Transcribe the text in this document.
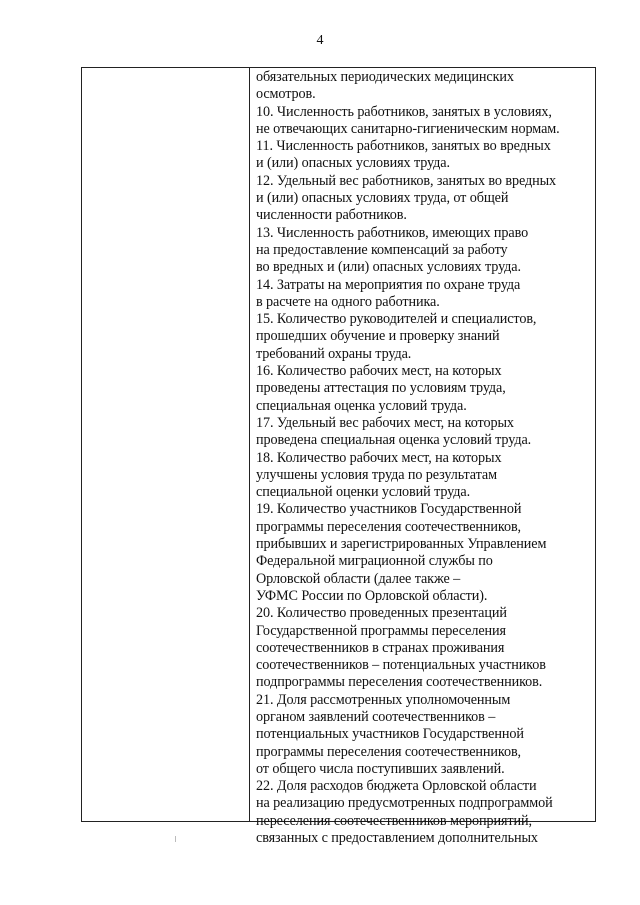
4
обязательных периодических медицинских
осмотров.
10. Численность работников, занятых в условиях,
не отвечающих санитарно-гигиеническим нормам.
11. Численность работников, занятых во вредных
и (или) опасных условиях труда.
12. Удельный вес работников, занятых во вредных
и (или) опасных условиях труда, от общей
численности работников.
13. Численность работников, имеющих право
на предоставление компенсаций за работу
во вредных и (или) опасных условиях труда.
14. Затраты на мероприятия по охране труда
в расчете на одного работника.
15. Количество руководителей и специалистов,
прошедших обучение и проверку знаний
требований охраны труда.
16. Количество рабочих мест, на которых
проведены аттестация по условиям труда,
специальная оценка условий труда.
17. Удельный вес рабочих мест, на которых
проведена специальная оценка условий труда.
18. Количество рабочих мест, на которых
улучшены условия труда по результатам
специальной оценки условий труда.
19. Количество участников Государственной
программы переселения соотечественников,
прибывших и зарегистрированных Управлением
Федеральной миграционной службы по
Орловской области (далее также –
УФМС России по Орловской области).
20. Количество проведенных презентаций
Государственной программы переселения
соотечественников в странах проживания
соотечественников – потенциальных участников
подпрограммы переселения соотечественников.
21. Доля рассмотренных уполномоченным
органом заявлений соотечественников –
потенциальных участников Государственной
программы переселения соотечественников,
от общего числа поступивших заявлений.
22. Доля расходов бюджета Орловской области
на реализацию предусмотренных подпрограммой
переселения соотечественников мероприятий,
связанных с предоставлением дополнительных
